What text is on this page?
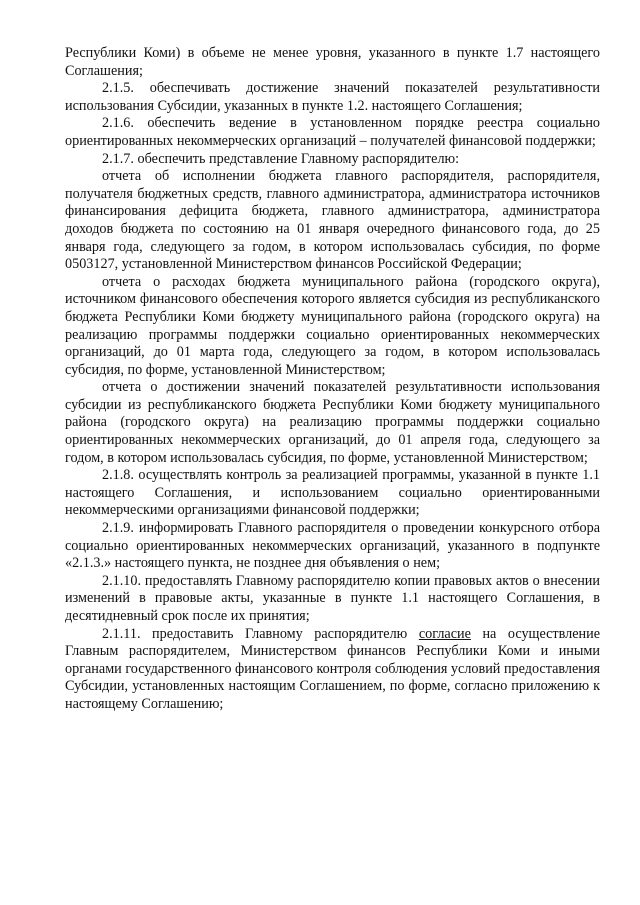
Республики Коми) в объеме не менее уровня, указанного в пункте 1.7 настоящего Соглашения;

2.1.5. обеспечивать достижение значений показателей результативности использования Субсидии, указанных в пункте 1.2. настоящего Соглашения;

2.1.6. обеспечить ведение в установленном порядке реестра социально ориентированных некоммерческих организаций – получателей финансовой поддержки;

2.1.7. обеспечить представление Главному распорядителю:

отчета об исполнении бюджета главного распорядителя, распорядителя, получателя бюджетных средств, главного администратора, администратора источников финансирования дефицита бюджета, главного администратора, администратора доходов бюджета по состоянию на 01 января очередного финансового года, до 25 января года, следующего за годом, в котором использовалась субсидия, по форме 0503127, установленной Министерством финансов Российской Федерации;

отчета о расходах бюджета муниципального района (городского округа), источником финансового обеспечения которого является субсидия из республиканского бюджета Республики Коми бюджету муниципального района (городского округа) на реализацию программы поддержки социально ориентированных некоммерческих организаций, до 01 марта года, следующего за годом, в котором использовалась субсидия, по форме, установленной Министерством;

отчета о достижении значений показателей результативности использования субсидии из республиканского бюджета Республики Коми бюджету муниципального района (городского округа) на реализацию программы поддержки социально ориентированных некоммерческих организаций, до 01 апреля года, следующего за годом, в котором использовалась субсидия, по форме, установленной Министерством;

2.1.8. осуществлять контроль за реализацией программы, указанной в пункте 1.1 настоящего Соглашения, и использованием социально ориентированными некоммерческими организациями финансовой поддержки;

2.1.9. информировать Главного распорядителя о проведении конкурсного отбора социально ориентированных некоммерческих организаций, указанного в подпункте «2.1.3.» настоящего пункта, не позднее дня объявления о нем;

2.1.10. предоставлять Главному распорядителю копии правовых актов о внесении изменений в правовые акты, указанные в пункте 1.1 настоящего Соглашения, в десятидневный срок после их принятия;

2.1.11. предоставить Главному распорядителю согласие на осуществление Главным распорядителем, Министерством финансов Республики Коми и иными органами государственного финансового контроля соблюдения условий предоставления Субсидии, установленных настоящим Соглашением, по форме, согласно приложению к настоящему Соглашению;
